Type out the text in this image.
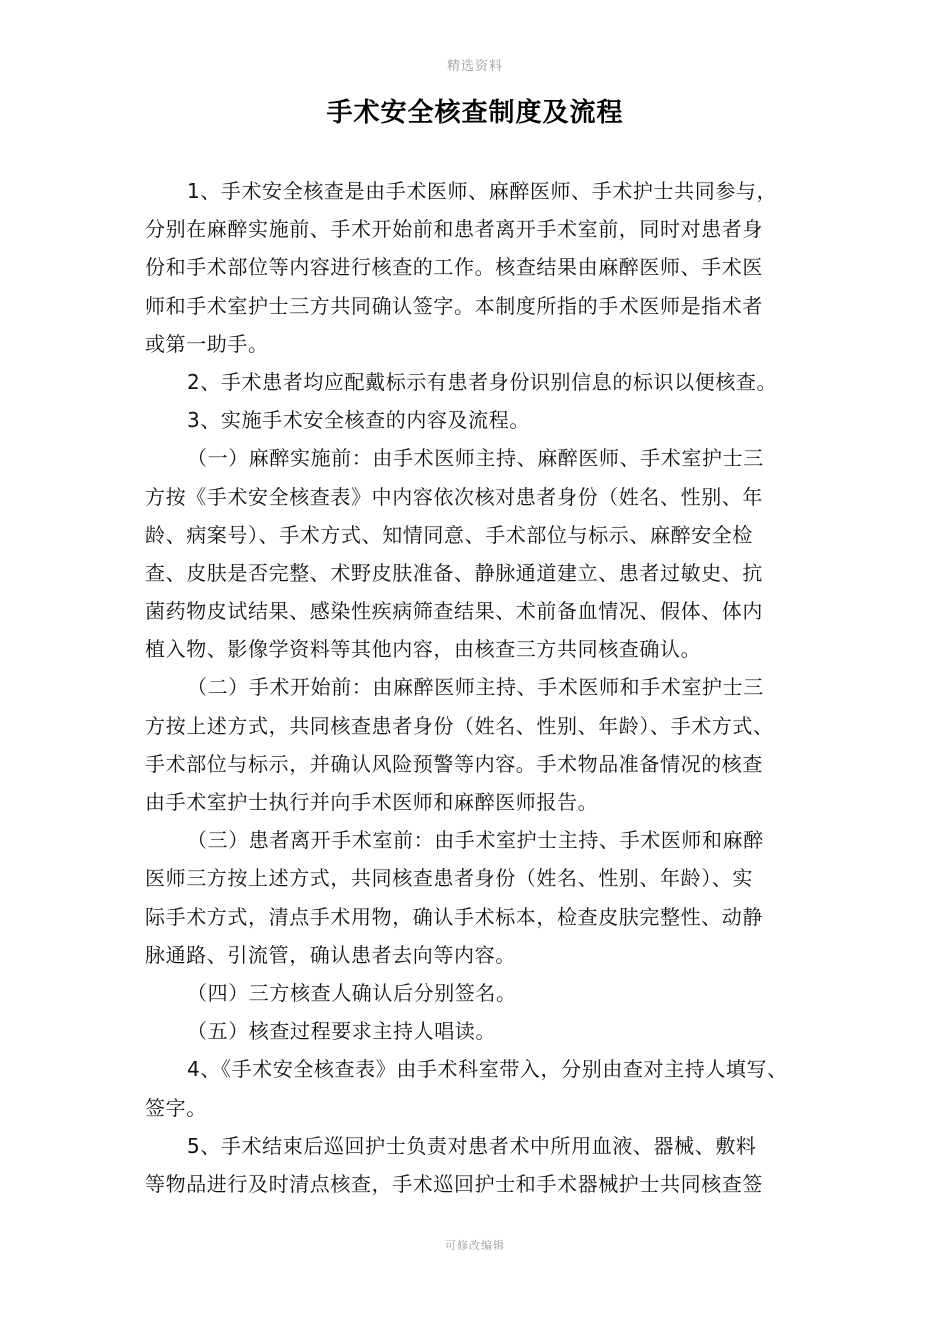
精选资料
手术安全核查制度及流程
1、手术安全核查是由手术医师、麻醉医师、手术护士共同参与，
分别在麻醉实施前、手术开始前和患者离开手术室前，同时对患者身
份和手术部位等内容进行核查的工作。核查结果由麻醉医师、手术医
师和手术室护士三方共同确认签字。本制度所指的手术医师是指术者
或第一助手。
2、手术患者均应配戴标示有患者身份识别信息的标识以便核查。
3、实施手术安全核查的内容及流程。
（一）麻醉实施前：由手术医师主持、麻醉医师、手术室护士三
方按《手术安全核查表》中内容依次核对患者身份（姓名、性别、年
龄、病案号）、手术方式、知情同意、手术部位与标示、麻醉安全检
查、皮肤是否完整、术野皮肤准备、静脉通道建立、患者过敏史、抗
菌药物皮试结果、感染性疾病筛查结果、术前备血情况、假体、体内
植入物、影像学资料等其他内容，由核查三方共同核查确认。
（二）手术开始前：由麻醉医师主持、手术医师和手术室护士三
方按上述方式，共同核查患者身份（姓名、性别、年龄）、手术方式、
手术部位与标示，并确认风险预警等内容。手术物品准备情况的核查
由手术室护士执行并向手术医师和麻醉医师报告。
（三）患者离开手术室前：由手术室护士主持、手术医师和麻醉
医师三方按上述方式，共同核查患者身份（姓名、性别、年龄）、实
际手术方式，清点手术用物，确认手术标本，检查皮肤完整性、动静
脉通路、引流管，确认患者去向等内容。
（四）三方核查人确认后分别签名。
（五）核查过程要求主持人唱读。
4、《手术安全核查表》由手术科室带入，分别由查对主持人填写、
签字。
5、手术结束后巡回护士负责对患者术中所用血液、器械、敷料
等物品进行及时清点核查，手术巡回护士和手术器械护士共同核查签
可修改编辑
